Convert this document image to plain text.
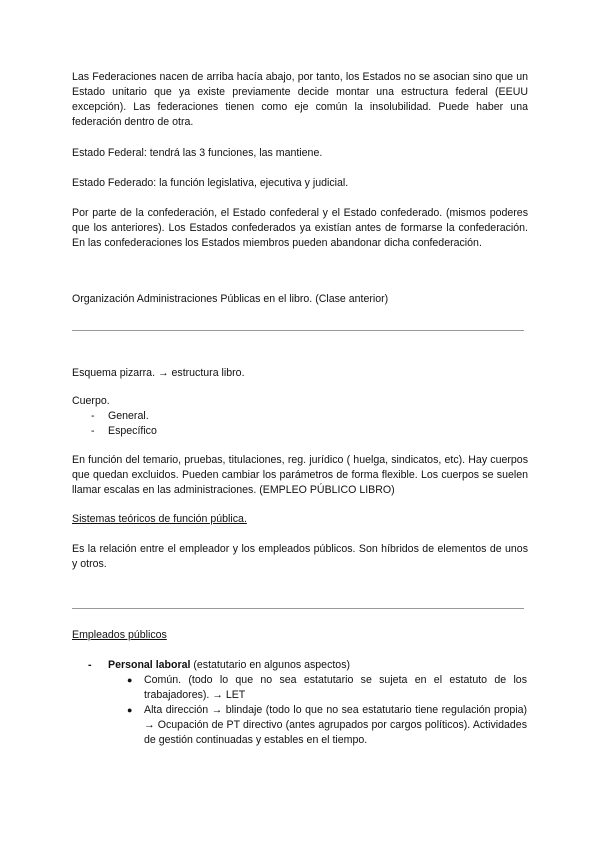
Las Federaciones nacen de arriba hacía abajo, por tanto, los Estados no se asocian sino que un Estado unitario que ya existe previamente decide montar una estructura federal (EEUU excepción). Las federaciones tienen como eje común la insolubilidad. Puede haber una federación dentro de otra.

Estado Federal: tendrá las 3 funciones, las mantiene.

Estado Federado: la función legislativa, ejecutiva y judicial.

Por parte de la confederación, el Estado confederal y el Estado confederado. (mismos poderes que los anteriores). Los Estados confederados ya existían antes de formarse la confederación. En las confederaciones los Estados miembros pueden abandonar dicha confederación.

Organización Administraciones Públicas en el libro. (Clase anterior)

Esquema pizarra. → estructura libro.

Cuerpo.

- General.
- Específico

En función del temario, pruebas, titulaciones, reg. jurídico ( huelga, sindicatos, etc). Hay cuerpos que quedan excluidos. Pueden cambiar los parámetros de forma flexible. Los cuerpos se suelen llamar escalas en las administraciones. (EMPLEO PÚBLICO LIBRO)

Sistemas teóricos de función pública.

Es la relación entre el empleador y los empleados públicos. Son híbridos de elementos de unos y otros.

Empleados públicos

- Personal laboral (estatutario en algunos aspectos)
● Común. (todo lo que no sea estatutario se sujeta en el estatuto de los trabajadores). → LET
● Alta dirección → blindaje (todo lo que no sea estatutario tiene regulación propia) → Ocupación de PT directivo (antes agrupados por cargos políticos). Actividades de gestión continuadas y estables en el tiempo.
